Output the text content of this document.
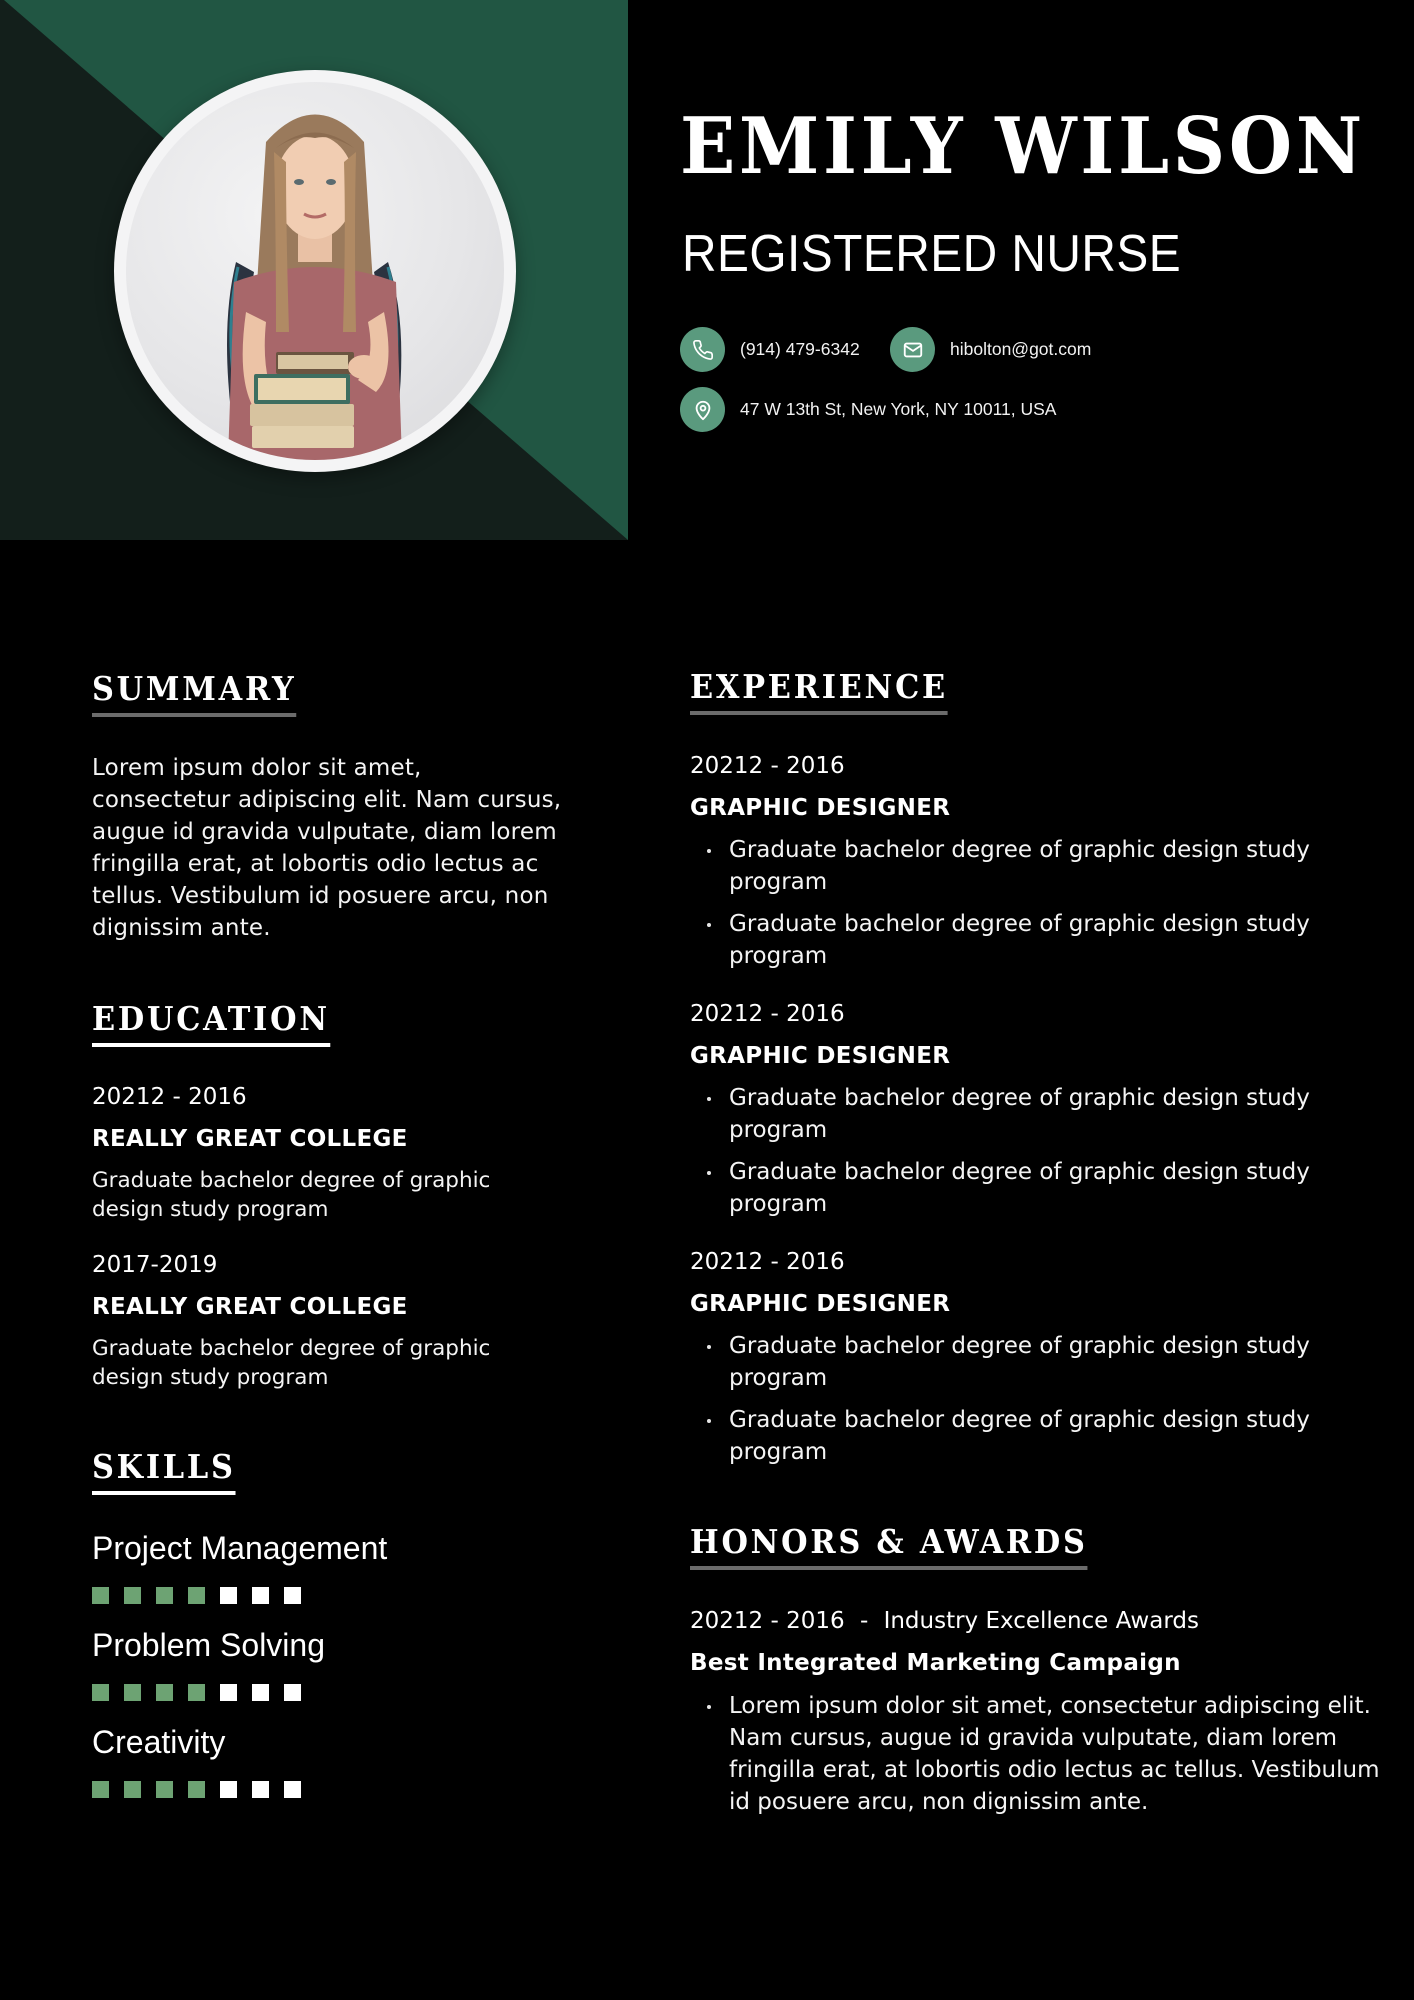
EMILY WILSON
REGISTERED NURSE
(914) 479-6342	hibolton@got.com
47 W 13th St, New York, NY 10011, USA
SUMMARY

Lorem ipsum dolor sit amet, consectetur adipiscing elit. Nam cursus, augue id gravida vulputate, diam lorem fringilla erat, at lobortis odio lectus ac tellus. Vestibulum id posuere arcu, non dignissim ante.

EDUCATION
20212 - 2016
REALLY GREAT COLLEGE
Graduate bachelor degree of graphic design study program
2017-2019
REALLY GREAT COLLEGE
Graduate bachelor degree of graphic design study program
SKILLS
Project Management
Problem Solving
Creativity
EXPERIENCE
20212 - 2016
GRAPHIC DESIGNER
Graduate bachelor degree of graphic design study program
Graduate bachelor degree of graphic design study program
20212 - 2016
GRAPHIC DESIGNER
Graduate bachelor degree of graphic design study program
Graduate bachelor degree of graphic design study program
20212 - 2016
GRAPHIC DESIGNER
Graduate bachelor degree of graphic design study program
Graduate bachelor degree of graphic design study program
HONORS & AWARDS
20212 - 2016 - Industry Excellence Awards
Best Integrated Marketing Campaign
Lorem ipsum dolor sit amet, consectetur adipiscing elit. Nam cursus, augue id gravida vulputate, diam lorem fringilla erat, at lobortis odio lectus ac tellus. Vestibulum id posuere arcu, non dignissim ante.
